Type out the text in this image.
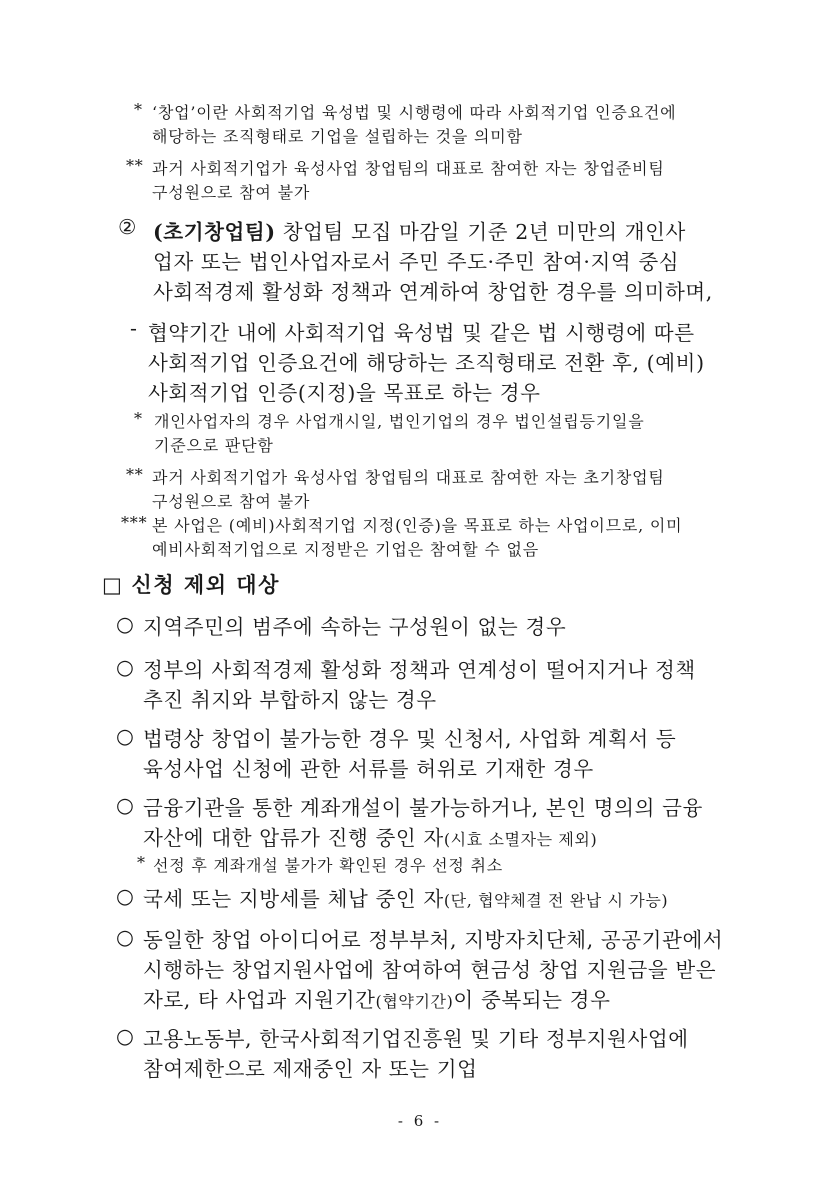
* ‘창업’이란 사회적기업 육성법 및 시행령에 따라 사회적기업 인증요건에
해당하는 조직형태로 기업을 설립하는 것을 의미함
** 과거 사회적기업가 육성사업 창업팀의 대표로 참여한 자는 창업준비팀
구성원으로 참여 불가
② (초기창업팀) 창업팀 모집 마감일 기준 2년 미만의 개인사
업자 또는 법인사업자로서 주민 주도·주민 참여·지역 중심
사회적경제 활성화 정책과 연계하여 창업한 경우를 의미하며,
- 협약기간 내에 사회적기업 육성법 및 같은 법 시행령에 따른
사회적기업 인증요건에 해당하는 조직형태로 전환 후, (예비)
사회적기업 인증(지정)을 목표로 하는 경우
* 개인사업자의 경우 사업개시일, 법인기업의 경우 법인설립등기일을
기준으로 판단함
** 과거 사회적기업가 육성사업 창업팀의 대표로 참여한 자는 초기창업팀
구성원으로 참여 불가
*** 본 사업은 (예비)사회적기업 지정(인증)을 목표로 하는 사업이므로, 이미
예비사회적기업으로 지정받은 기업은 참여할 수 없음
□ 신청 제외 대상
○ 지역주민의 범주에 속하는 구성원이 없는 경우
○ 정부의 사회적경제 활성화 정책과 연계성이 떨어지거나 정책
추진 취지와 부합하지 않는 경우
○ 법령상 창업이 불가능한 경우 및 신청서, 사업화 계획서 등
육성사업 신청에 관한 서류를 허위로 기재한 경우
○ 금융기관을 통한 계좌개설이 불가능하거나, 본인 명의의 금융
자산에 대한 압류가 진행 중인 자(시효 소멸자는 제외)
* 선정 후 계좌개설 불가가 확인된 경우 선정 취소
○ 국세 또는 지방세를 체납 중인 자(단, 협약체결 전 완납 시 가능)
○ 동일한 창업 아이디어로 정부부처, 지방자치단체, 공공기관에서
시행하는 창업지원사업에 참여하여 현금성 창업 지원금을 받은
자로, 타 사업과 지원기간(협약기간)이 중복되는 경우
○ 고용노동부, 한국사회적기업진흥원 및 기타 정부지원사업에
참여제한으로 제재중인 자 또는 기업
- 6 -
